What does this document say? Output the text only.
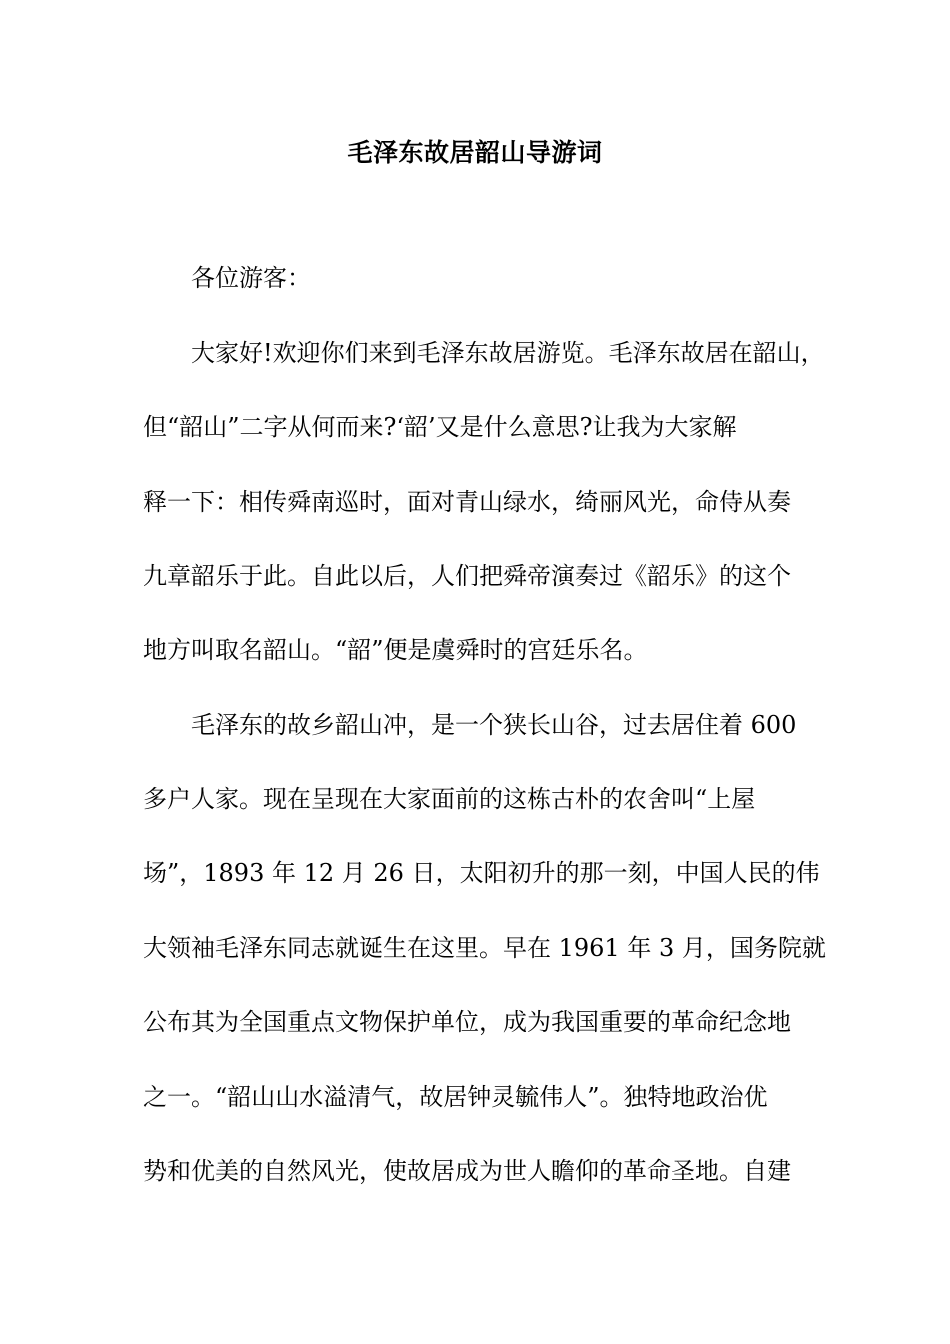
毛泽东故居韶山导游词
各位游客：
大家好!欢迎你们来到毛泽东故居游览。毛泽东故居在韶山，
但“韶山”二字从何而来?‘韶’又是什么意思?让我为大家解
释一下：相传舜南巡时，面对青山绿水，绮丽风光，命侍从奏
九章韶乐于此。自此以后，人们把舜帝演奏过《韶乐》的这个
地方叫取名韶山。“韶”便是虞舜时的宫廷乐名。
毛泽东的故乡韶山冲，是一个狭长山谷，过去居住着 600
多户人家。现在呈现在大家面前的这栋古朴的农舍叫“上屋
场”，1893 年 12 月 26 日，太阳初升的那一刻，中国人民的伟
大领袖毛泽东同志就诞生在这里。早在 1961 年 3 月，国务院就
公布其为全国重点文物保护单位，成为我国重要的革命纪念地
之一。“韶山山水溢清气，故居钟灵毓伟人”。独特地政治优
势和优美的自然风光，使故居成为世人瞻仰的革命圣地。自建
